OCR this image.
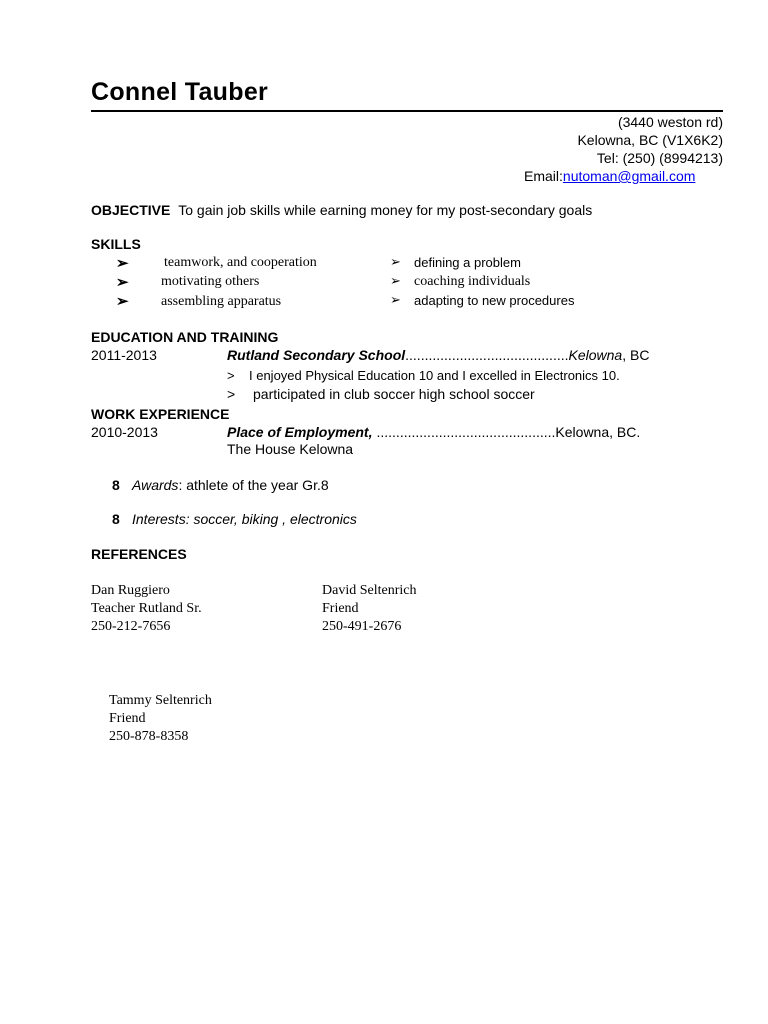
Connel Tauber
(3440 weston rd)
Kelowna, BC (V1X6K2)
Tel: (250) (8994213)
Email:nutoman@gmail.com
OBJECTIVE To gain job skills while earning money for my post-secondary goals
SKILLS
➢	teamwork, and cooperation
➢ motivating others
➢ assembling apparatus
➢ defining a problem
➢ coaching individuals
➢ adapting to new procedures
EDUCATION AND TRAINING
2011-2013	Rutland Secondary School..........................................Kelowna, BC
> I enjoyed Physical Education 10 and I excelled in Electronics 10.
> participated in club soccer high school soccer
WORK EXPERIENCE
2010-2013	Place of Employment, ..............................................Kelowna, BC.
The House Kelowna
8 Awards: athlete of the year Gr.8
8 Interests: soccer, biking , electronics
REFERENCES
Dan Ruggiero
Teacher Rutland Sr.
250-212-7656
David Seltenrich
Friend
250-491-2676
Tammy Seltenrich
Friend
250-878-8358
